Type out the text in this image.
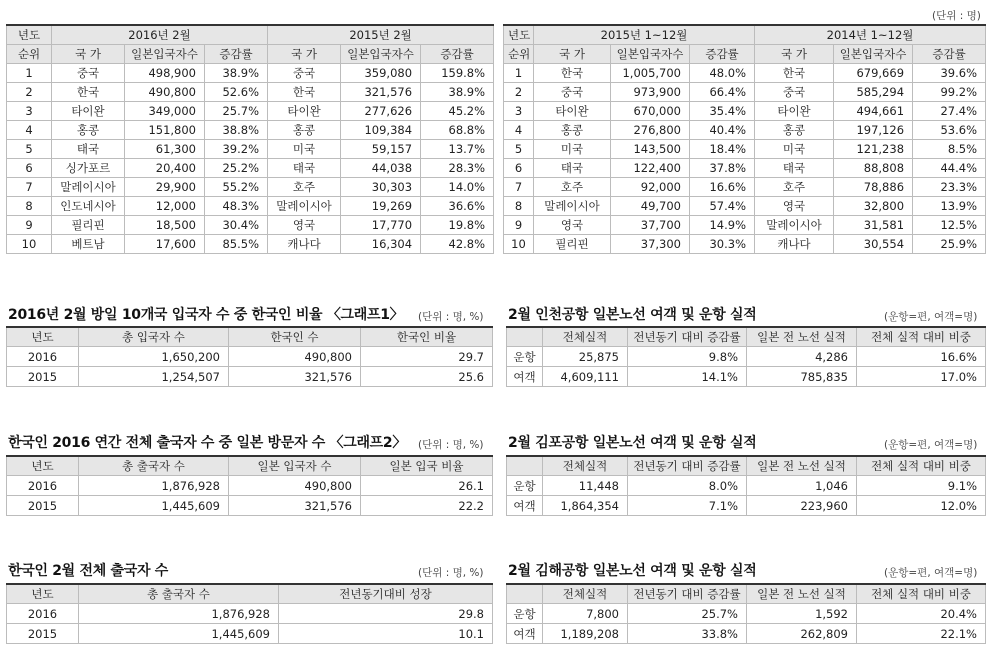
(단위 : 명)
년도	2016년 2월			2015년 2월		
순위	국 가	일본입국자수	증감률	국 가	일본입국자수	증감률
1	중국	498,900	38.9%	중국	359,080	159.8%
2	한국	490,800	52.6%	한국	321,576	38.9%
3	타이완	349,000	25.7%	타이완	277,626	45.2%
4	홍콩	151,800	38.8%	홍콩	109,384	68.8%
5	태국	61,300	39.2%	미국	59,157	13.7%
6	싱가포르	20,400	25.2%	태국	44,038	28.3%
7	말레이시아	29,900	55.2%	호주	30,303	14.0%
8	인도네시아	12,000	48.3%	말레이시아	19,269	36.6%
9	필리핀	18,500	30.4%	영국	17,770	19.8%
10	베트남	17,600	85.5%	캐나다	16,304	42.8%
년도	2015년 1~12월			2014년 1~12월		
순위	국 가	일본입국자수	증감률	국 가	일본입국자수	증감률
1	한국	1,005,700	48.0%	한국	679,669	39.6%
2	중국	973,900	66.4%	중국	585,294	99.2%
3	타이완	670,000	35.4%	타이완	494,661	27.4%
4	홍콩	276,800	40.4%	홍콩	197,126	53.6%
5	미국	143,500	18.4%	미국	121,238	8.5%
6	태국	122,400	37.8%	태국	88,808	44.4%
7	호주	92,000	16.6%	호주	78,886	23.3%
8	말레이시아	49,700	57.4%	영국	32,800	13.9%
9	영국	37,700	14.9%	말레이시아	31,581	12.5%
10	필리핀	37,300	30.3%	캐나다	30,554	25.9%
2016년 2월 방일 10개국 입국자 수 중 한국인 비율 〈그래프1〉 (단위 : 명, %)
년도	총 입국자 수	한국인 수	한국인 비율
2016	1,650,200	490,800	29.7
2015	1,254,507	321,576	25.6
한국인 2016 연간 전체 출국자 수 중 일본 방문자 수 〈그래프2〉 (단위 : 명, %)
년도	총 출국자 수	일본 입국자 수	일본 입국 비율
2016	1,876,928	490,800	26.1
2015	1,445,609	321,576	22.2
한국인 2월 전체 출국자 수	(단위 : 명, %)
년도	총 출국자 수	전년동기대비 성장
2016	1,876,928	29.8
2015	1,445,609	10.1
2월 인천공항 일본노선 여객 및 운항 실적	(운항=편, 여객=명)
	전체실적	전년동기 대비 증감률	일본 전 노선 실적	전체 실적 대비 비중
운항	25,875	9.8%	4,286	16.6%
여객	4,609,111	14.1%	785,835	17.0%
2월 김포공항 일본노선 여객 및 운항 실적	(운항=편, 여객=명)
	전체실적	전년동기 대비 증감률	일본 전 노선 실적	전체 실적 대비 비중
운항	11,448	8.0%	1,046	9.1%
여객	1,864,354	7.1%	223,960	12.0%
2월 김해공항 일본노선 여객 및 운항 실적	(운항=편, 여객=명)
	전체실적	전년동기 대비 증감률	일본 전 노선 실적	전체 실적 대비 비중
운항	7,800	25.7%	1,592	20.4%
여객	1,189,208	33.8%	262,809	22.1%
